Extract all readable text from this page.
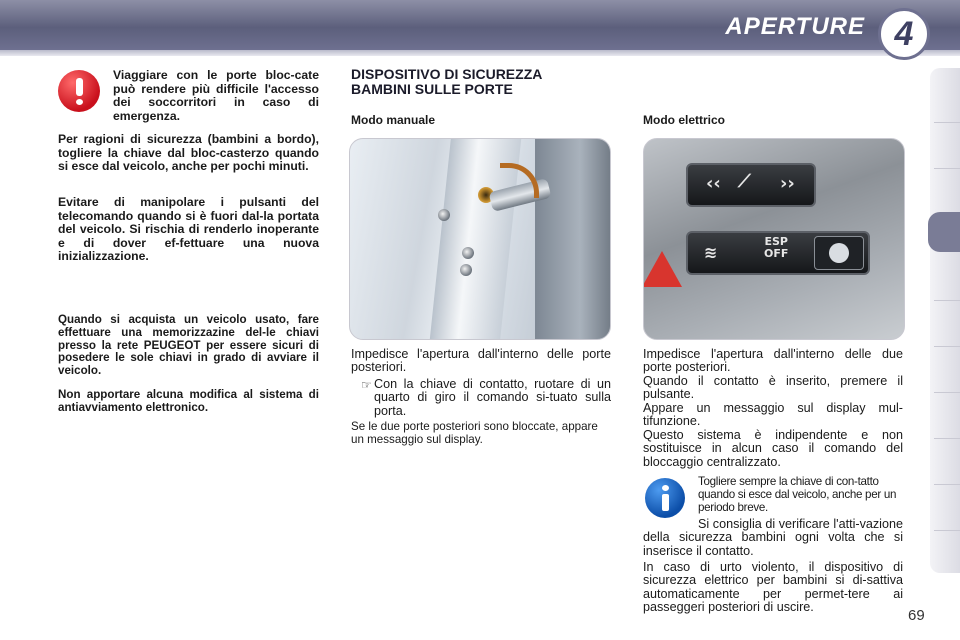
APERTURE 4

Viaggiare con le porte bloc-cate può rendere più difficile l'accesso dei soccorritori in caso di emergenza.

Per ragioni di sicurezza (bambini a bordo), togliere la chiave dal bloc-casterzo quando si esce dal veicolo, anche per pochi minuti.

Evitare di manipolare i pulsanti del telecomando quando si è fuori dal-la portata del veicolo. Si rischia di renderlo inoperante e di dover ef-fettuare una nuova inizializzazione.

Quando si acquista un veicolo usato, fare effettuare una memorizzazine del-le chiavi presso la rete PEUGEOT per essere sicuri di posedere le sole chiavi in grado di avviare il veicolo.

Non apportare alcuna modifica al sistema di antiavviamento elettronico.

DISPOSITIVO DI SICUREZZA
BAMBINI SULLE PORTE
Modo manuale

Impedisce l'apertura dall'interno delle porte posteriori.

☞ Con la chiave di contatto, ruotare di un quarto di giro il comando si-tuato sulla porta.

Se le due porte posteriori sono bloccate, appare un messaggio sul display.

Modo elettrico
‹‹ ⟋ ››
≋
ESP
OFF

Impedisce l'apertura dall'interno delle due porte posteriori.

Quando il contatto è inserito, premere il pulsante.

Appare un messaggio sul display mul-tifunzione.

Questo sistema è indipendente e non sostituisce in alcun caso il comando del bloccaggio centralizzato.

Togliere sempre la chiave di con-tatto quando si esce dal veicolo, anche per un periodo breve.

Si consiglia di verificare l'atti-vazione della sicurezza bambini ogni volta che si inserisce il contatto.

In caso di urto violento, il dispositivo di sicurezza elettrico per bambini si di-sattiva automaticamente per permet-tere ai passeggeri posteriori di uscire.	69
